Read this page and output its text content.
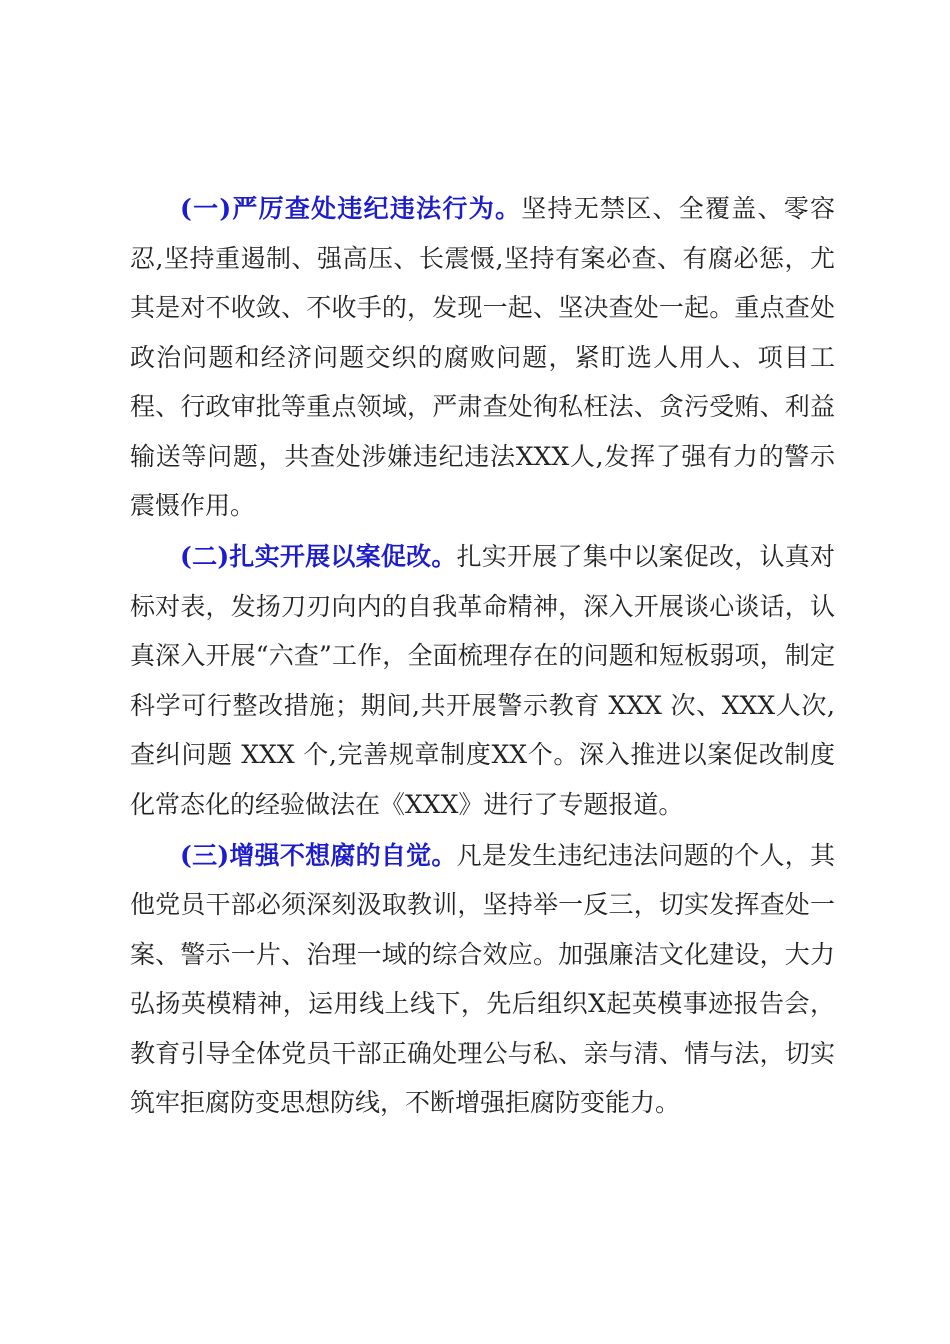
(一)严厉查处违纪违法行为。坚持无禁区、全覆盖、零容忍,坚持重遏制、强高压、长震慑,坚持有案必查、有腐必惩，尤其是对不收敛、不收手的，发现一起、坚决查处一起。重点查处政治问题和经济问题交织的腐败问题，紧盯选人用人、项目工程、行政审批等重点领域，严肃查处徇私枉法、贪污受贿、利益输送等问题，共查处涉嫌违纪违法XXX人,发挥了强有力的警示震慑作用。

(二)扎实开展以案促改。扎实开展了集中以案促改，认真对标对表，发扬刀刃向内的自我革命精神，深入开展谈心谈话，认真深入开展“六查”工作，全面梳理存在的问题和短板弱项，制定科学可行整改措施；期间,共开展警示教育 XXX 次、XXX人次,查纠问题 XXX 个,完善规章制度XX个。深入推进以案促改制度化常态化的经验做法在《XXX》进行了专题报道。

(三)增强不想腐的自觉。凡是发生违纪违法问题的个人，其他党员干部必须深刻汲取教训，坚持举一反三，切实发挥查处一案、警示一片、治理一域的综合效应。加强廉洁文化建设，大力弘扬英模精神，运用线上线下，先后组织X起英模事迹报告会，教育引导全体党员干部正确处理公与私、亲与清、情与法，切实筑牢拒腐防变思想防线，不断增强拒腐防变能力。
